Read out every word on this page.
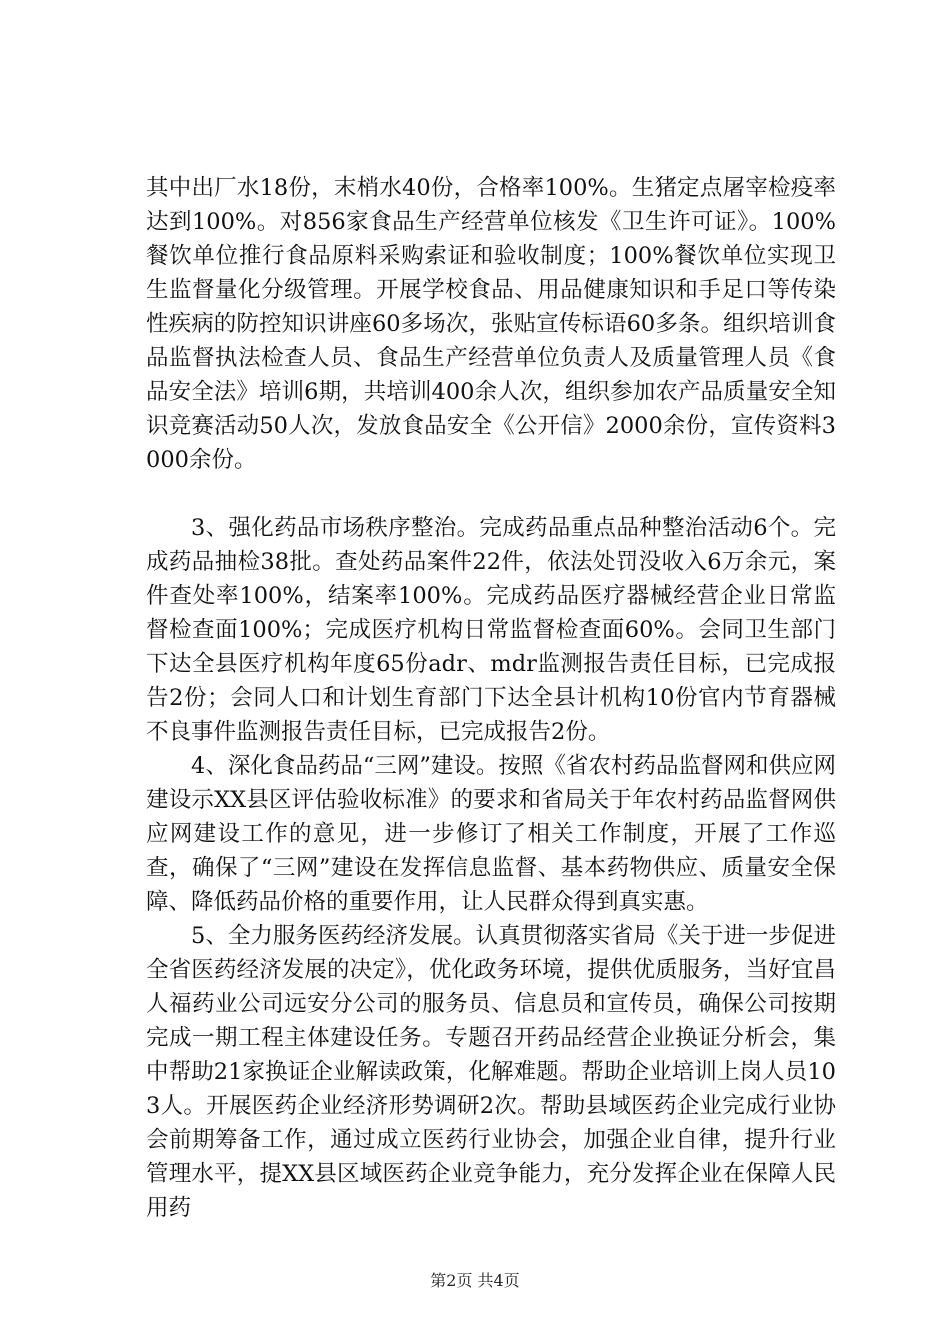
其中出厂水18份，末梢水40份，合格率100%。生猪定点屠宰检疫率达到100%。对856家食品生产经营单位核发《卫生许可证》。100%餐饮单位推行食品原料采购索证和验收制度；100%餐饮单位实现卫生监督量化分级管理。开展学校食品、用品健康知识和手足口等传染性疾病的防控知识讲座60多场次，张贴宣传标语60多条。组织培训食品监督执法检查人员、食品生产经营单位负责人及质量管理人员《食品安全法》培训6期，共培训400余人次，组织参加农产品质量安全知识竞赛活动50人次，发放食品安全《公开信》2000余份，宣传资料3000余份。

3、强化药品市场秩序整治。完成药品重点品种整治活动6个。完成药品抽检38批。查处药品案件22件，依法处罚没收入6万余元，案件查处率100%，结案率100%。完成药品医疗器械经营企业日常监督检查面100%；完成医疗机构日常监督检查面60%。会同卫生部门下达全县医疗机构年度65份adr、mdr监测报告责任目标，已完成报告2份；会同人口和计划生育部门下达全县计机构10份官内节育器械不良事件监测报告责任目标，已完成报告2份。

4、深化食品药品“三网”建设。按照《省农村药品监督网和供应网建设示XX县区评估验收标准》的要求和省局关于年农村药品监督网供应网建设工作的意见，进一步修订了相关工作制度，开展了工作巡查，确保了“三网”建设在发挥信息监督、基本药物供应、质量安全保障、降低药品价格的重要作用，让人民群众得到真实惠。

5、全力服务医药经济发展。认真贯彻落实省局《关于进一步促进全省医药经济发展的决定》，优化政务环境，提供优质服务，当好宜昌人福药业公司远安分公司的服务员、信息员和宣传员，确保公司按期完成一期工程主体建设任务。专题召开药品经营企业换证分析会，集中帮助21家换证企业解读政策，化解难题。帮助企业培训上岗人员103人。开展医药企业经济形势调研2次。帮助县域医药企业完成行业协会前期筹备工作，通过成立医药行业协会，加强企业自律，提升行业管理水平，提XX县区域医药企业竞争能力，充分发挥企业在保障人民用药

第2页 共4页
